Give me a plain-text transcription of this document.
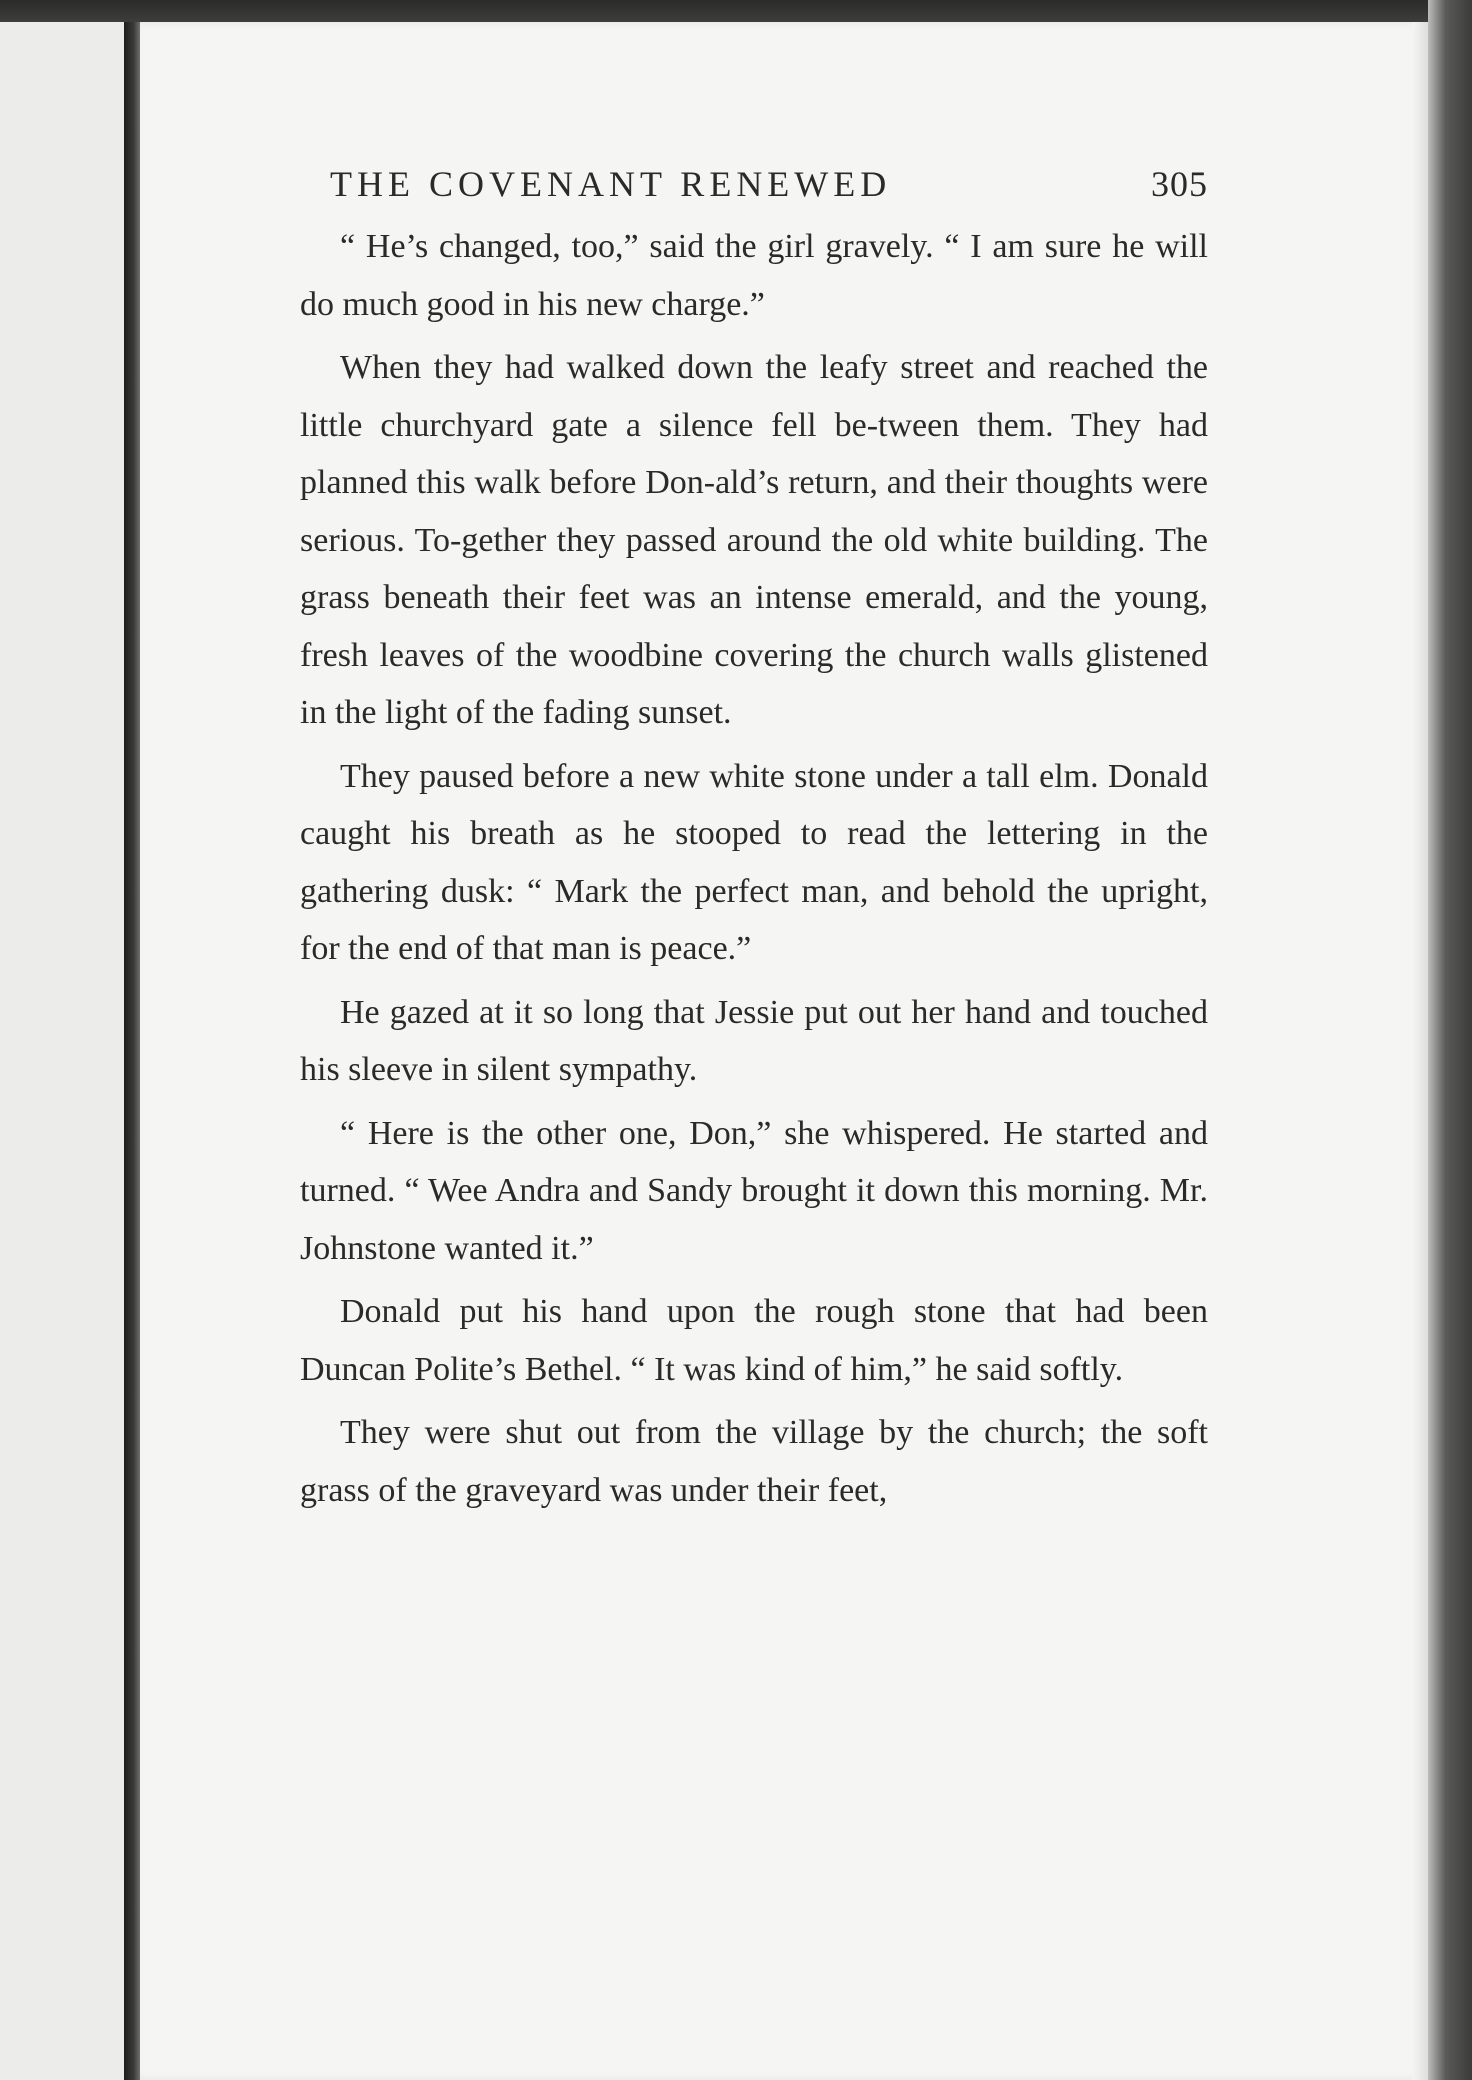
THE COVENANT RENEWED	305

“ He’s changed, too,” said the girl gravely. “ I am sure he will do much good in his new charge.”

When they had walked down the leafy street and reached the little churchyard gate a silence fell be-tween them. They had planned this walk before Don-ald’s return, and their thoughts were serious. To-gether they passed around the old white building. The grass beneath their feet was an intense emerald, and the young, fresh leaves of the woodbine covering the church walls glistened in the light of the fading sunset.

They paused before a new white stone under a tall elm. Donald caught his breath as he stooped to read the lettering in the gathering dusk: “ Mark the perfect man, and behold the upright, for the end of that man is peace.”

He gazed at it so long that Jessie put out her hand and touched his sleeve in silent sympathy.

“ Here is the other one, Don,” she whispered. He started and turned. “ Wee Andra and Sandy brought it down this morning. Mr. Johnstone wanted it.”

Donald put his hand upon the rough stone that had been Duncan Polite’s Bethel. “ It was kind of him,” he said softly.

They were shut out from the village by the church; the soft grass of the graveyard was under their feet,
